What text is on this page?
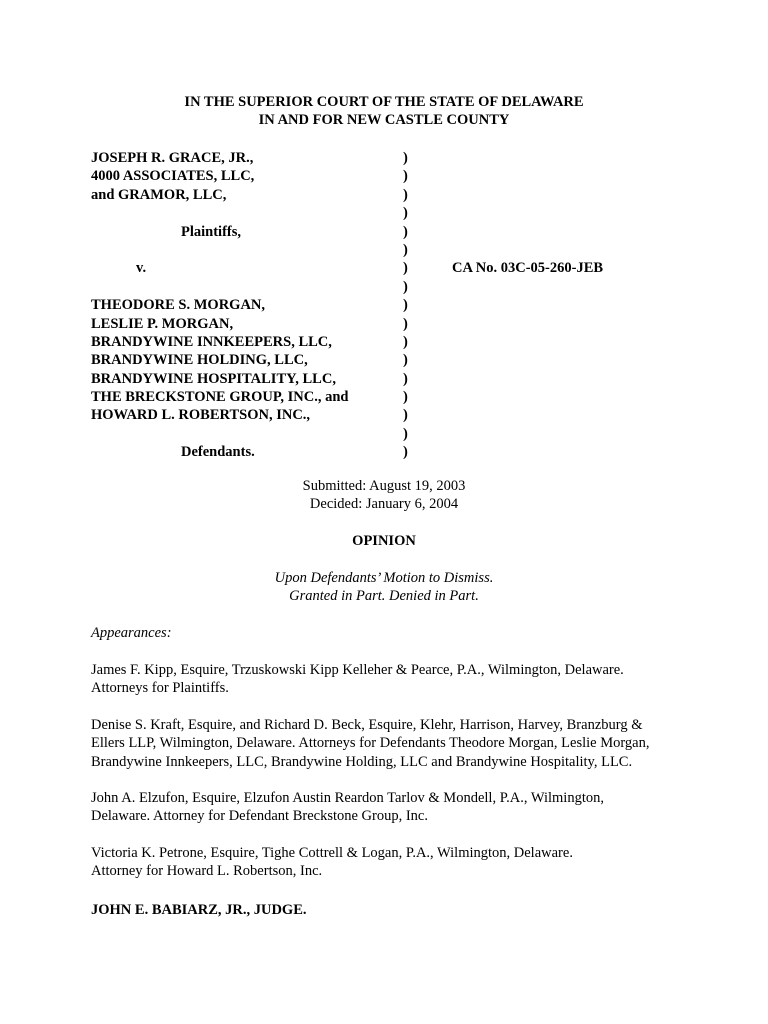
IN THE SUPERIOR COURT OF THE STATE OF DELAWARE
IN AND FOR NEW CASTLE COUNTY
JOSEPH R. GRACE, JR.,
4000 ASSOCIATES, LLC,
and GRAMOR, LLC,
Plaintiffs,
v.
THEODORE S. MORGAN,
LESLIE P. MORGAN,
BRANDYWINE INNKEEPERS, LLC,
BRANDYWINE HOLDING, LLC,
BRANDYWINE HOSPITALITY, LLC,
THE BRECKSTONE GROUP, INC., and
HOWARD L. ROBERTSON, INC.,
Defendants.
)
)
)
)
)
)
)
)
)
)
)
)
)
)
)
)
)
CA No. 03C-05-260-JEB
Submitted: August 19, 2003
Decided: January 6, 2004
OPINION
Upon Defendants’ Motion to Dismiss.
Granted in Part. Denied in Part.
Appearances:
James F. Kipp, Esquire, Trzuskowski Kipp Kelleher & Pearce, P.A., Wilmington, Delaware.
Attorneys for Plaintiffs.
Denise S. Kraft, Esquire, and Richard D. Beck, Esquire, Klehr, Harrison, Harvey, Branzburg &
Ellers LLP, Wilmington, Delaware. Attorneys for Defendants Theodore Morgan, Leslie Morgan,
Brandywine Innkeepers, LLC, Brandywine Holding, LLC and Brandywine Hospitality, LLC.
John A. Elzufon, Esquire, Elzufon Austin Reardon Tarlov & Mondell, P.A., Wilmington,
Delaware. Attorney for Defendant Breckstone Group, Inc.
Victoria K. Petrone, Esquire, Tighe Cottrell & Logan, P.A., Wilmington, Delaware.
Attorney for Howard L. Robertson, Inc.
JOHN E. BABIARZ, JR., JUDGE.
